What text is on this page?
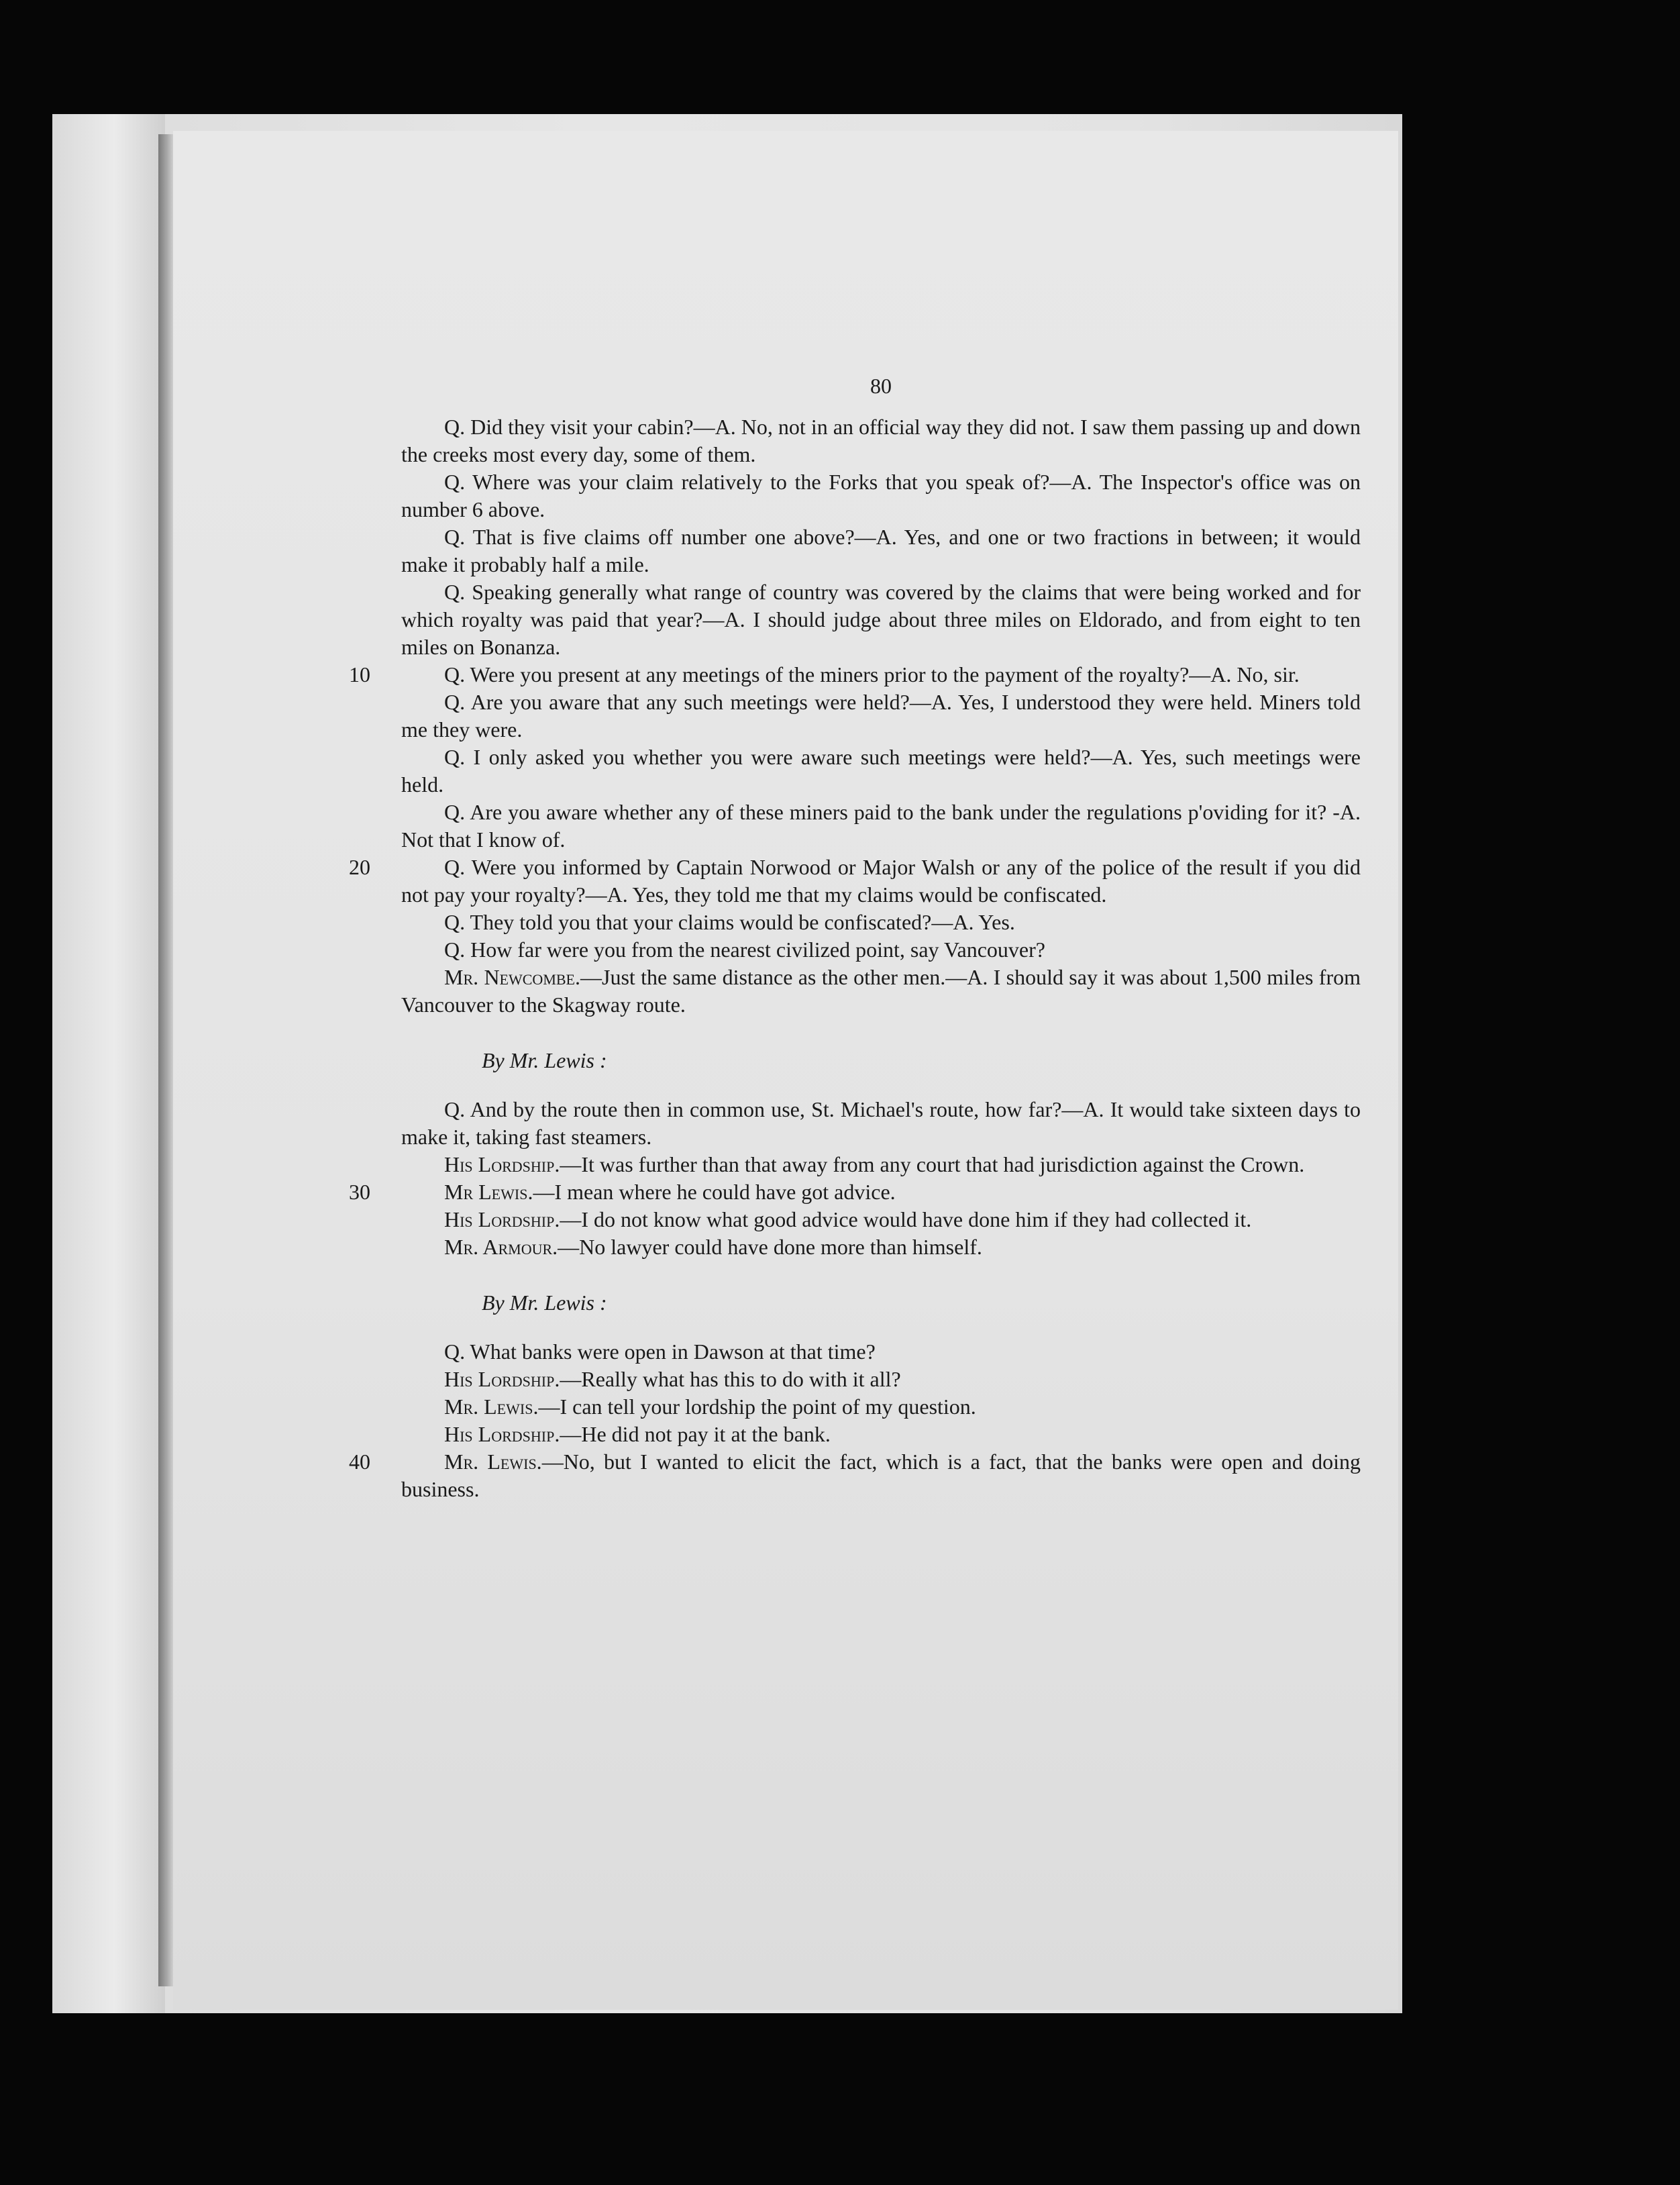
80

Q. Did they visit your cabin?—A. No, not in an official way they did not. I saw them passing up and down the creeks most every day, some of them.

Q. Where was your claim relatively to the Forks that you speak of?—A. The Inspector's office was on number 6 above.

Q. That is five claims off number one above?—A. Yes, and one or two fractions in between; it would make it probably half a mile.

Q. Speaking generally what range of country was covered by the claims that were being worked and for which royalty was paid that year?—A. I should judge about three miles on Eldorado, and from eight to ten miles on Bonanza.

10	Q. Were you present at any meetings of the miners prior to the payment of the royalty?—A. No, sir.

Q. Are you aware that any such meetings were held?—A. Yes, I understood they were held. Miners told me they were.

Q. I only asked you whether you were aware such meetings were held?—A. Yes, such meetings were held.

Q. Are you aware whether any of these miners paid to the bank under the regulations p'oviding for it? -A. Not that I know of.

20	Q. Were you informed by Captain Norwood or Major Walsh or any of the police of the result if you did not pay your royalty?—A. Yes, they told me that my claims would be confiscated.

Q. They told you that your claims would be confiscated?—A. Yes.

Q. How far were you from the nearest civilized point, say Vancouver?

Mr. Newcombe.—Just the same distance as the other men.—A. I should say it was about 1,500 miles from Vancouver to the Skagway route.

By Mr. Lewis :

Q. And by the route then in common use, St. Michael's route, how far?—A. It would take sixteen days to make it, taking fast steamers.

His Lordship.—It was further than that away from any court that had jurisdiction against the Crown.

30	Mr Lewis.—I mean where he could have got advice.

His Lordship.—I do not know what good advice would have done him if they had collected it.

Mr. Armour.—No lawyer could have done more than himself.

By Mr. Lewis :

Q. What banks were open in Dawson at that time?

His Lordship.—Really what has this to do with it all?

Mr. Lewis.—I can tell your lordship the point of my question.

His Lordship.—He did not pay it at the bank.

40	Mr. Lewis.—No, but I wanted to elicit the fact, which is a fact, that the banks were open and doing business.
